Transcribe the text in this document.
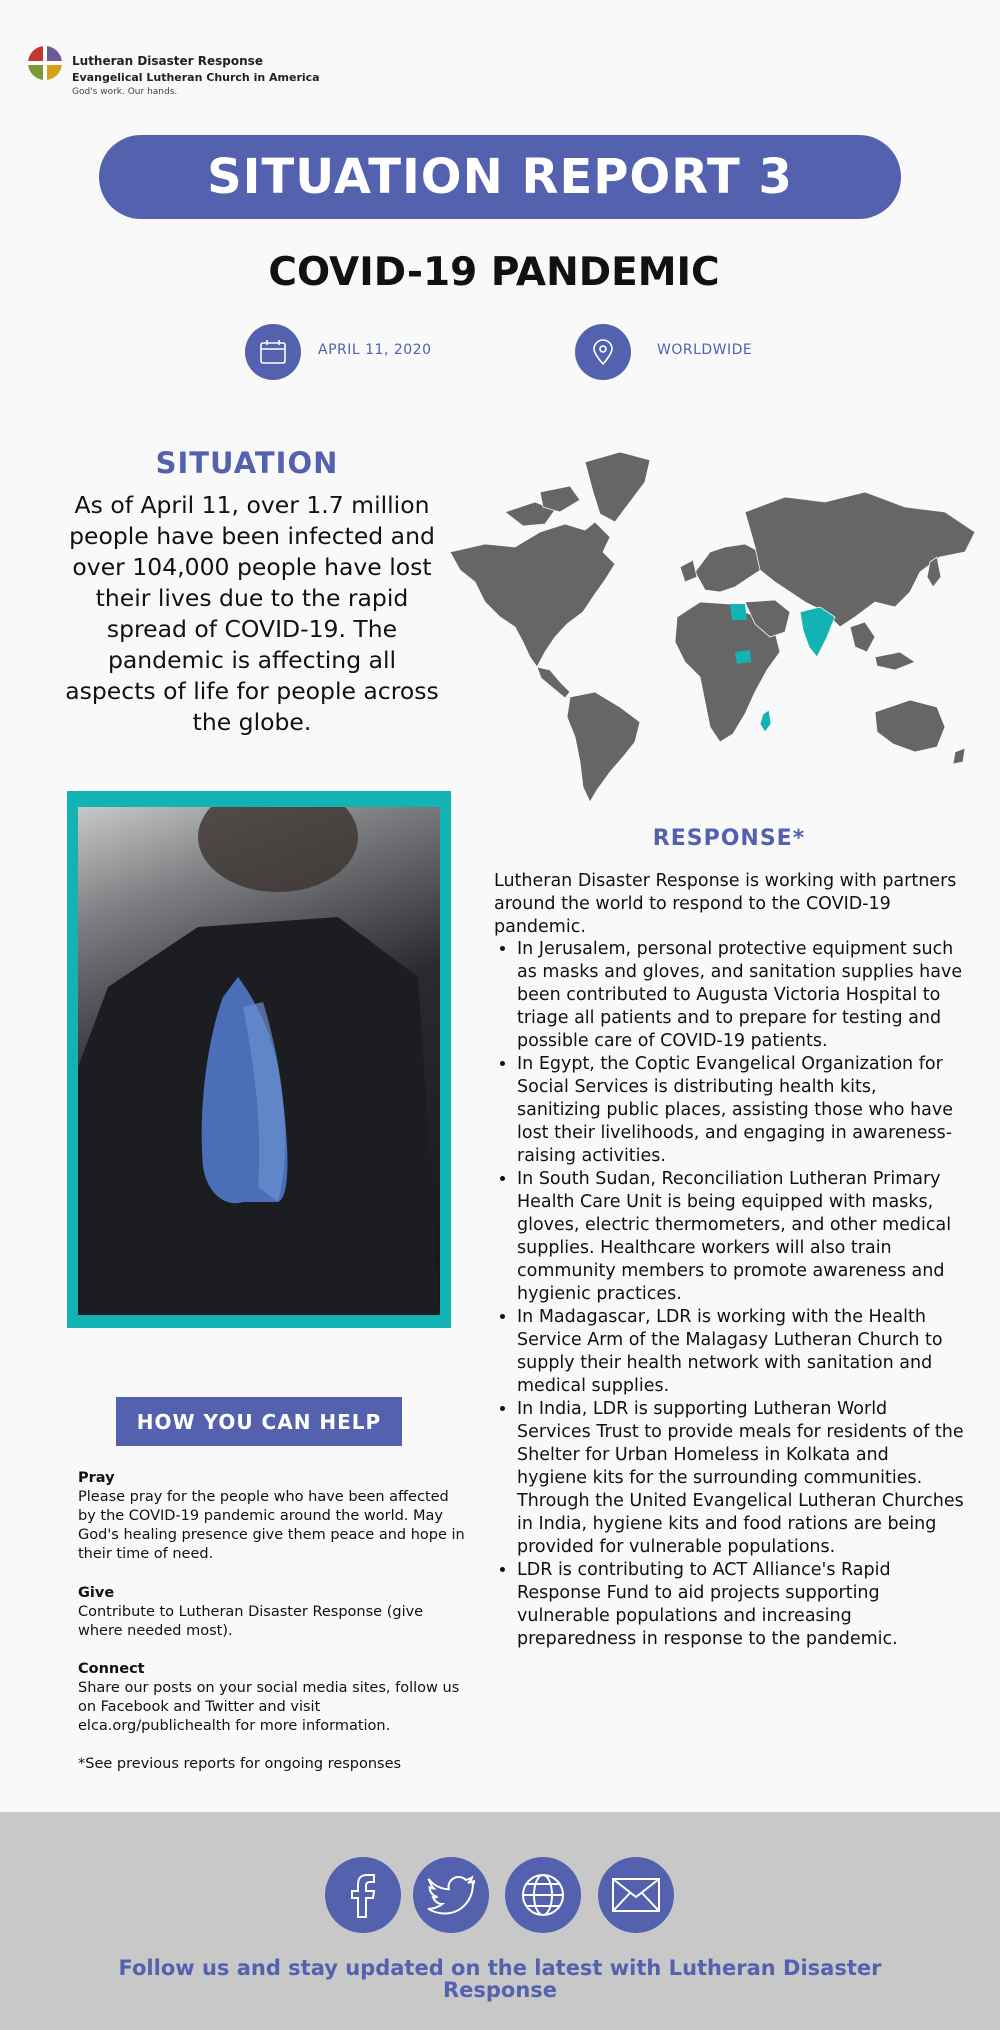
Lutheran Disaster Response
Evangelical Lutheran Church in America
God's work. Our hands.
SITUATION REPORT 3
COVID-19 PANDEMIC
APRIL 11, 2020	WORLDWIDE
SITUATION
As of April 11, over 1.7 million people have been infected and over 104,000 people have lost their lives due to the rapid spread of COVID-19. The pandemic is affecting all aspects of life for people across the globe.
RESPONSE*
Lutheran Disaster Response is working with partners around the world to respond to the COVID-19 pandemic.
• In Jerusalem, personal protective equipment such as masks and gloves, and sanitation supplies have been contributed to Augusta Victoria Hospital to triage all patients and to prepare for testing and possible care of COVID-19 patients.
• In Egypt, the Coptic Evangelical Organization for Social Services is distributing health kits, sanitizing public places, assisting those who have lost their livelihoods, and engaging in awareness-raising activities.
• In South Sudan, Reconciliation Lutheran Primary Health Care Unit is being equipped with masks, gloves, electric thermometers, and other medical supplies. Healthcare workers will also train community members to promote awareness and hygienic practices.
• In Madagascar, LDR is working with the Health Service Arm of the Malagasy Lutheran Church to supply their health network with sanitation and medical supplies.
• In India, LDR is supporting Lutheran World Services Trust to provide meals for residents of the Shelter for Urban Homeless in Kolkata and hygiene kits for the surrounding communities. Through the United Evangelical Lutheran Churches in India, hygiene kits and food rations are being provided for vulnerable populations.
• LDR is contributing to ACT Alliance's Rapid Response Fund to aid projects supporting vulnerable populations and increasing preparedness in response to the pandemic.
HOW YOU CAN HELP
Pray
Please pray for the people who have been affected by the COVID-19 pandemic around the world. May God's healing presence give them peace and hope in their time of need.
Give
Contribute to Lutheran Disaster Response (give where needed most).
Connect
Share our posts on your social media sites, follow us on Facebook and Twitter and visit elca.org/publichealth for more information.
*See previous reports for ongoing responses
Follow us and stay updated on the latest with Lutheran Disaster Response
